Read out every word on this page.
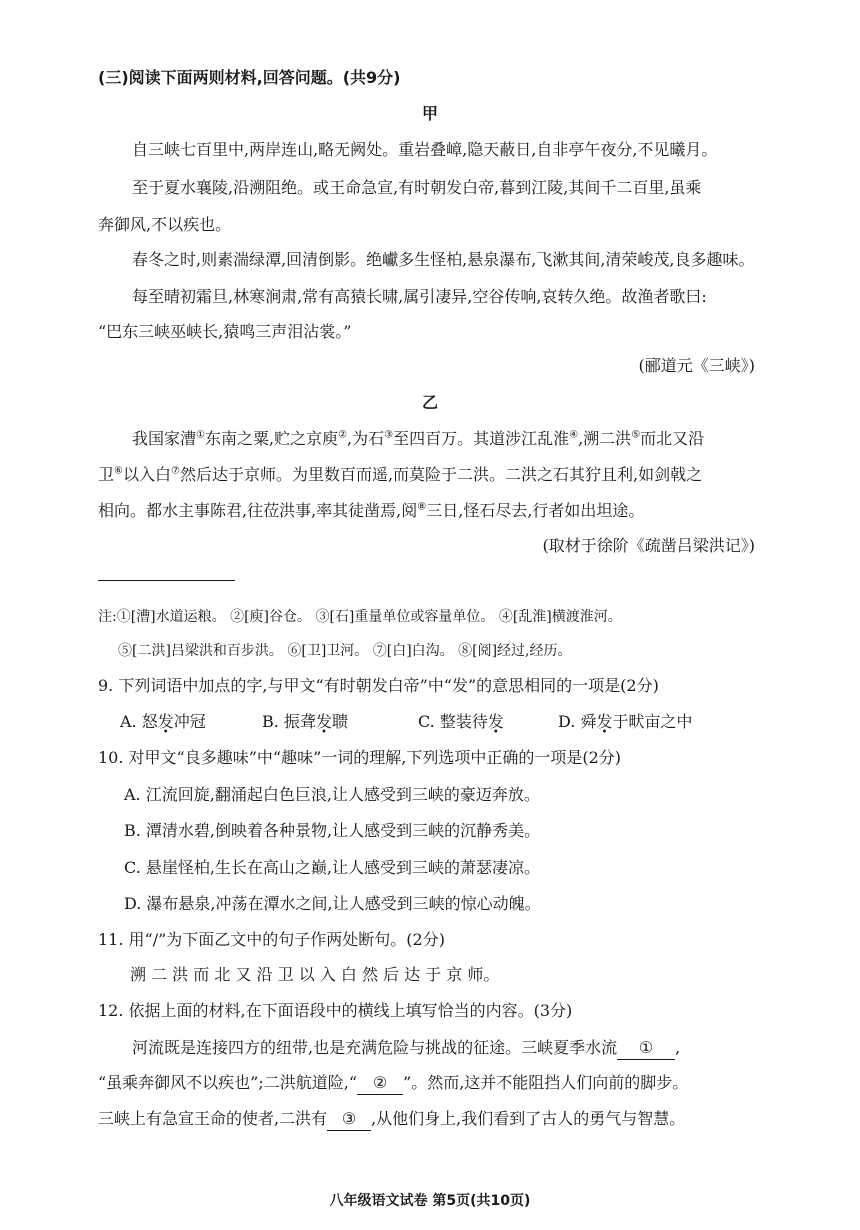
(三)阅读下面两则材料,回答问题。(共9分)
甲
自三峡七百里中,两岸连山,略无阙处。重岩叠嶂,隐天蔽日,自非亭午夜分,不见曦月。
至于夏水襄陵,沿溯阻绝。或王命急宣,有时朝发白帝,暮到江陵,其间千二百里,虽乘
奔御风,不以疾也。
春冬之时,则素湍绿潭,回清倒影。绝巘多生怪柏,悬泉瀑布,飞漱其间,清荣峻茂,良多趣味。
每至晴初霜旦,林寒涧肃,常有高猿长啸,属引凄异,空谷传响,哀转久绝。故渔者歌曰:
“巴东三峡巫峡长,猿鸣三声泪沾裳。”
(郦道元《三峡》)
乙
我国家漕①东南之粟,贮之京庾②,为石③至四百万。其道涉江乱淮④,溯二洪⑤而北又沿
卫⑥以入白⑦然后达于京师。为里数百而遥,而莫险于二洪。二洪之石其狞且利,如剑戟之
相向。都水主事陈君,往莅洪事,率其徒凿焉,阅⑧三日,怪石尽去,行者如出坦途。
(取材于徐阶《疏凿吕梁洪记》)
注:①[漕]水道运粮。 ②[庾]谷仓。 ③[石]重量单位或容量单位。 ④[乱淮]横渡淮河。
⑤[二洪]吕梁洪和百步洪。 ⑥[卫]卫河。 ⑦[白]白沟。 ⑧[阅]经过,经历。
9. 下列词语中加点的字,与甲文“有时朝发白帝”中“发”的意思相同的一项是(2分)
A. 怒发冲冠	B. 振聋发聩	C. 整装待发	D. 舜发于畎亩之中
10. 对甲文“良多趣味”中“趣味”一词的理解,下列选项中正确的一项是(2分)
A. 江流回旋,翻涌起白色巨浪,让人感受到三峡的豪迈奔放。
B. 潭清水碧,倒映着各种景物,让人感受到三峡的沉静秀美。
C. 悬崖怪柏,生长在高山之巅,让人感受到三峡的萧瑟凄凉。
D. 瀑布悬泉,冲荡在潭水之间,让人感受到三峡的惊心动魄。
11. 用“/”为下面乙文中的句子作两处断句。(2分)
溯 二 洪 而 北 又 沿 卫 以 入 白 然 后 达 于 京 师。
12. 依据上面的材料,在下面语段中的横线上填写恰当的内容。(3分)
河流既是连接四方的纽带,也是充满危险与挑战的征途。三峡夏季水流 ① ,
“虽乘奔御风不以疾也”;二洪航道险,“ ② ”。然而,这并不能阻挡人们向前的脚步。
三峡上有急宣王命的使者,二洪有 ③ ,从他们身上,我们看到了古人的勇气与智慧。
八年级语文试卷 第5页(共10页)
